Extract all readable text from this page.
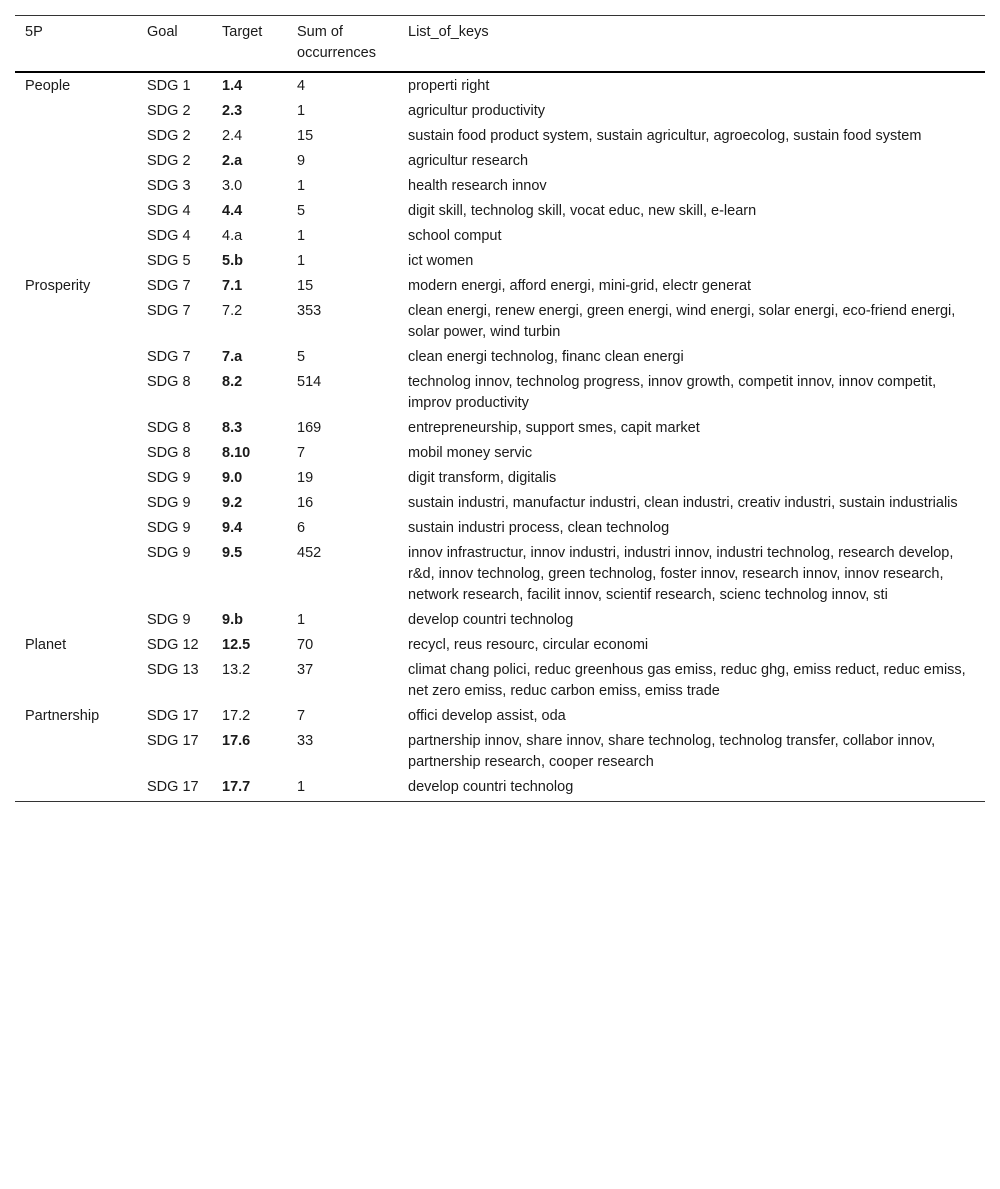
5P	Goal	Target	Sum of occurrences	List_of_keys
People	SDG 1	1.4	4	properti right
	SDG 2	2.3	1	agricultur productivity
	SDG 2	2.4	15	sustain food product system, sustain agricultur, agroecolog, sustain food system
	SDG 2	2.a	9	agricultur research
	SDG 3	3.0	1	health research innov
	SDG 4	4.4	5	digit skill, technolog skill, vocat educ, new skill, e-learn
	SDG 4	4.a	1	school comput
	SDG 5	5.b	1	ict women
Prosperity	SDG 7	7.1	15	modern energi, afford energi, mini-grid, electr generat
	SDG 7	7.2	353	clean energi, renew energi, green energi, wind energi, solar energi, eco-friend energi, solar power, wind turbin
	SDG 7	7.a	5	clean energi technolog, financ clean energi
	SDG 8	8.2	514	technolog innov, technolog progress, innov growth, competit innov, innov competit, improv productivity
	SDG 8	8.3	169	entrepreneurship, support smes, capit market
	SDG 8	8.10	7	mobil money servic
	SDG 9	9.0	19	digit transform, digitalis
	SDG 9	9.2	16	sustain industri, manufactur industri, clean industri, creativ industri, sustain industrialis
	SDG 9	9.4	6	sustain industri process, clean technolog
	SDG 9	9.5	452	innov infrastructur, innov industri, industri innov, industri technolog, research develop, r&d, innov technolog, green technolog, foster innov, research innov, innov research, network research, facilit innov, scientif research, scienc technolog innov, sti
	SDG 9	9.b	1	develop countri technolog
Planet	SDG 12	12.5	70	recycl, reus resourc, circular economi
	SDG 13	13.2	37	climat chang polici, reduc greenhous gas emiss, reduc ghg, emiss reduct, reduc emiss, net zero emiss, reduc carbon emiss, emiss trade
Partnership	SDG 17	17.2	7	offici develop assist, oda
	SDG 17	17.6	33	partnership innov, share innov, share technolog, technolog transfer, collabor innov, partnership research, cooper research
	SDG 17	17.7	1	develop countri technolog
